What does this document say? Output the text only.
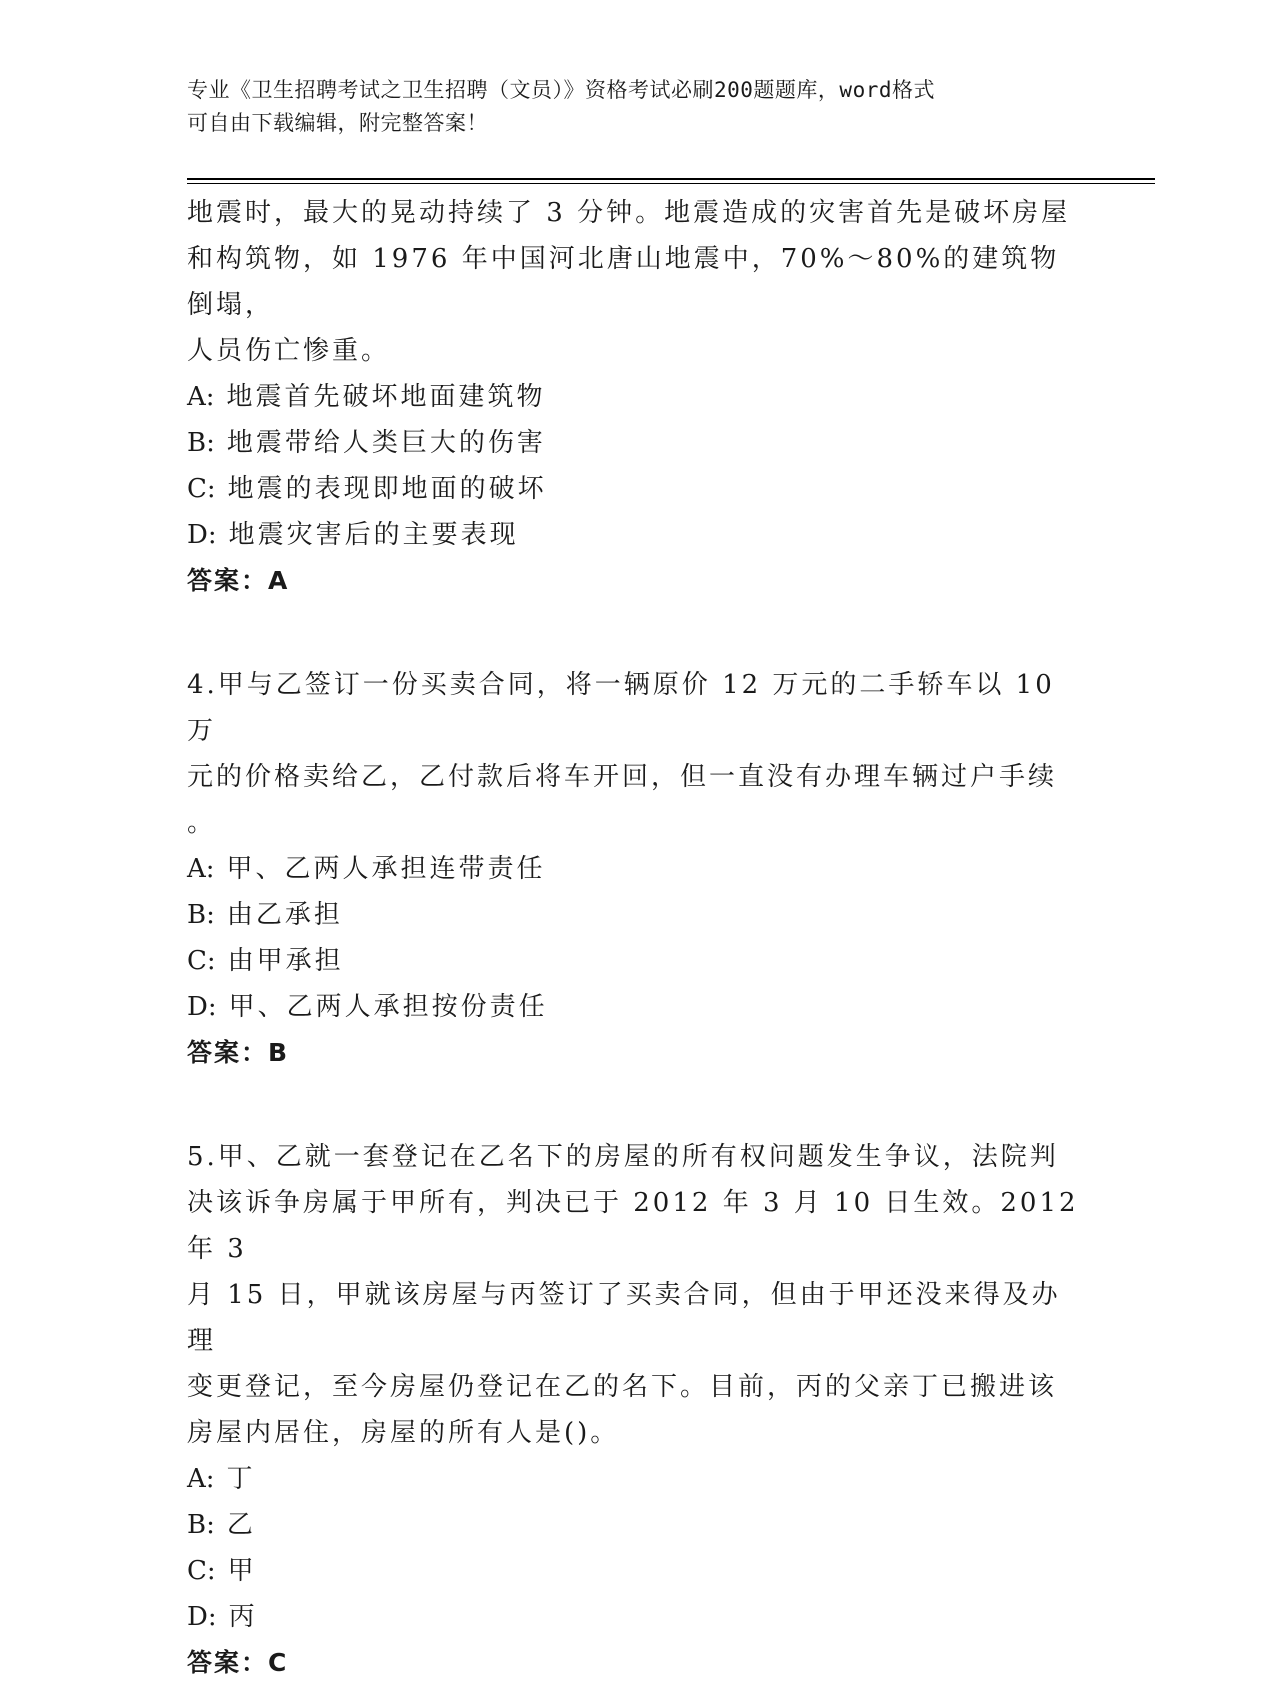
专业《卫生招聘考试之卫生招聘（文员）》资格考试必刷200题题库，word格式
可自由下载编辑，附完整答案！

地震时，最大的晃动持续了 3 分钟。地震造成的灾害首先是破坏房屋

和构筑物，如 1976 年中国河北唐山地震中，70%～80%的建筑物倒塌，

人员伤亡惨重。

A: 地震首先破坏地面建筑物

B: 地震带给人类巨大的伤害

C: 地震的表现即地面的破坏

D: 地震灾害后的主要表现

答案：A

4.甲与乙签订一份买卖合同，将一辆原价 12 万元的二手轿车以 10 万

元的价格卖给乙，乙付款后将车开回，但一直没有办理车辆过户手续

。

A: 甲、乙两人承担连带责任

B: 由乙承担

C: 由甲承担

D: 甲、乙两人承担按份责任

答案：B

5.甲、乙就一套登记在乙名下的房屋的所有权问题发生争议，法院判

决该诉争房属于甲所有，判决已于 2012 年 3 月 10 日生效。2012 年 3

月 15 日，甲就该房屋与丙签订了买卖合同，但由于甲还没来得及办理

变更登记，至今房屋仍登记在乙的名下。目前，丙的父亲丁已搬进该

房屋内居住，房屋的所有人是()。

A: 丁

B: 乙

C: 甲

D: 丙

答案：C
